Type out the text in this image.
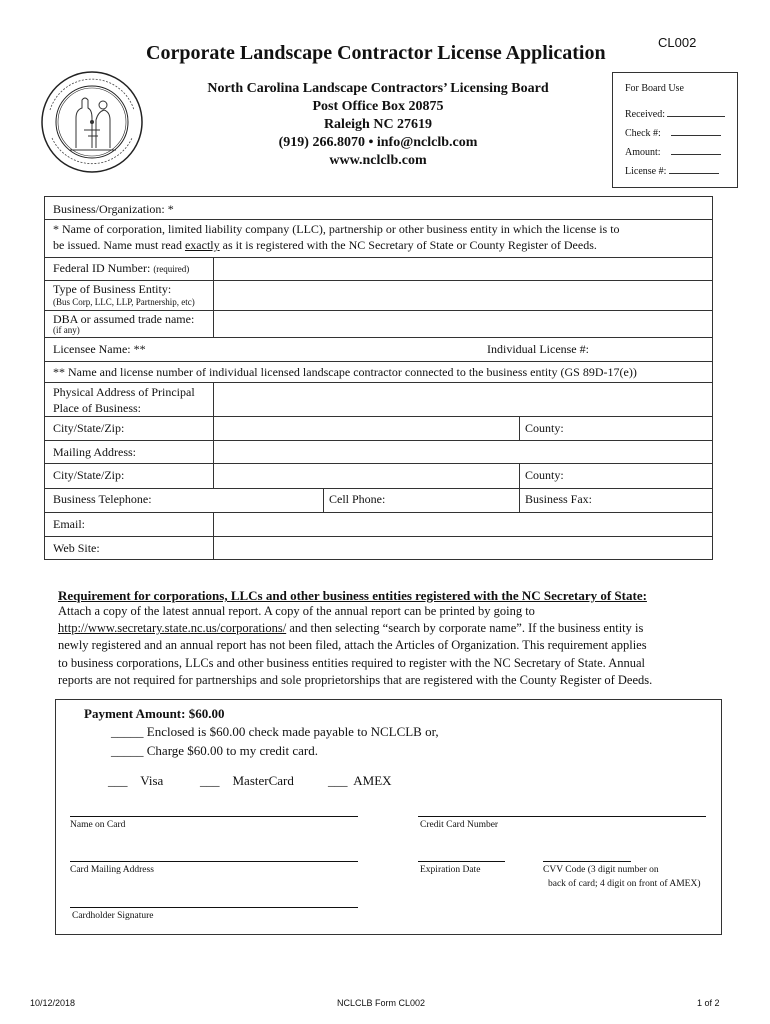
CL002
Corporate Landscape Contractor License Application
North Carolina Landscape Contractors’ Licensing Board
Post Office Box 20875
Raleigh NC 27619
(919) 266.8070 • info@nclclb.com
www.nclclb.com
For Board Use
Received:
Check #:
Amount:
License #:
Business/Organization: *
* Name of corporation, limited liability company (LLC), partnership or other business entity in which the license is to
be issued. Name must read exactly as it is registered with the NC Secretary of State or County Register of Deeds.
Federal ID Number: (required)
Type of Business Entity:
(Bus Corp, LLC, LLP, Partnership, etc)
DBA or assumed trade name:
(if any)
Licensee Name: **	Individual License #:
** Name and license number of individual licensed landscape contractor connected to the business entity (GS 89D-17(e))
Physical Address of Principal
Place of Business:
City/State/Zip:	County:
Mailing Address:
City/State/Zip:	County:
Business Telephone:	Cell Phone:	Business Fax:
Email:
Web Site:
Requirement for corporations, LLCs and other business entities registered with the NC Secretary of State:
Attach a copy of the latest annual report. A copy of the annual report can be printed by going to
http://www.secretary.state.nc.us/corporations/ and then selecting “search by corporate name”. If the business entity is
newly registered and an annual report has not been filed, attach the Articles of Organization. This requirement applies
to business corporations, LLCs and other business entities required to register with the NC Secretary of State. Annual
reports are not required for partnerships and sole proprietorships that are registered with the County Register of Deeds.
Payment Amount: $60.00
_____ Enclosed is $60.00 check made payable to NCLCLB or,
_____ Charge $60.00 to my credit card.
___ Visa	___ MasterCard	___ AMEX
Name on Card	Credit Card Number
Card Mailing Address	Expiration Date	CVV Code (3 digit number on
back of card; 4 digit on front of AMEX)
Cardholder Signature
10/12/2018	NCLCLB Form CL002	1 of 2
